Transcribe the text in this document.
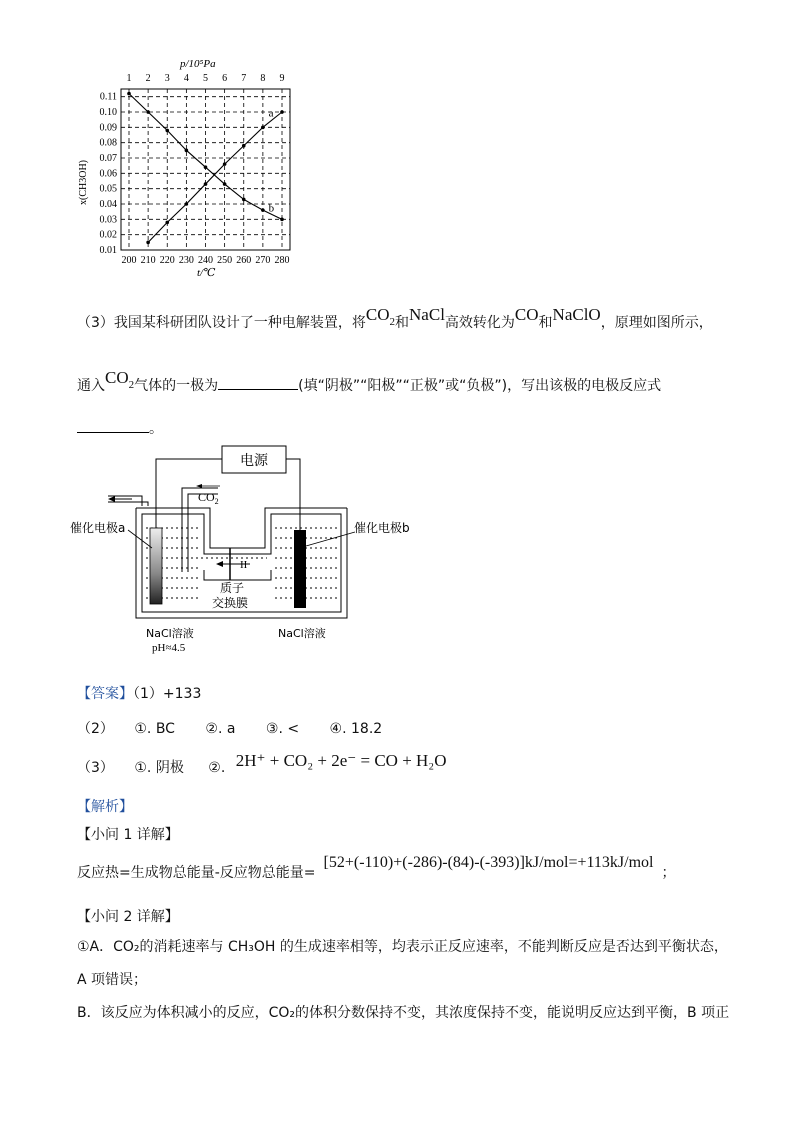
p/10⁵Pa
t/℃
x(CH3OH)
200
1
210
2
220
3
230
4
240
5
250
6
260
7
270
8
280
9
0.01
0.02
0.03
0.04
0.05
0.06
0.07
0.08
0.09
0.10
0.11
a
b
（3）我国某科研团队设计了一种电解装置，将$CO_2$和NaCl高效转化为CO和NaClO，原理如图所示，
通入$CO_2$气体的一极为	(填“阴极”“阳极”“正极”或“负极”)，写出该极的电极反应式
。
电源
$CO_2$
II
催化电极a	催化电极b
质子
交换膜
NaCl溶液
pH≈4.5
NaCl溶液
【答案】（1）+133
（2） ①. BC ②. a ③. < ④. 18.2
（3） ①. 阴极 ②. 2H⁺ + CO₂ + 2e⁻ = CO + H₂O
【解析】
【小问 1 详解】
反应热=生成物总能量-反应物总能量=[52+(-110)+(-286)-(84)-(-393)]kJ/mol=+113kJ/mol；
【小问 2 详解】
①A．CO₂的消耗速率与 CH₃OH 的生成速率相等，均表示正反应速率，不能判断反应是否达到平衡状态，
A 项错误；
B．该反应为体积减小的反应，CO₂的体积分数保持不变，其浓度保持不变，能说明反应达到平衡，B 项正
